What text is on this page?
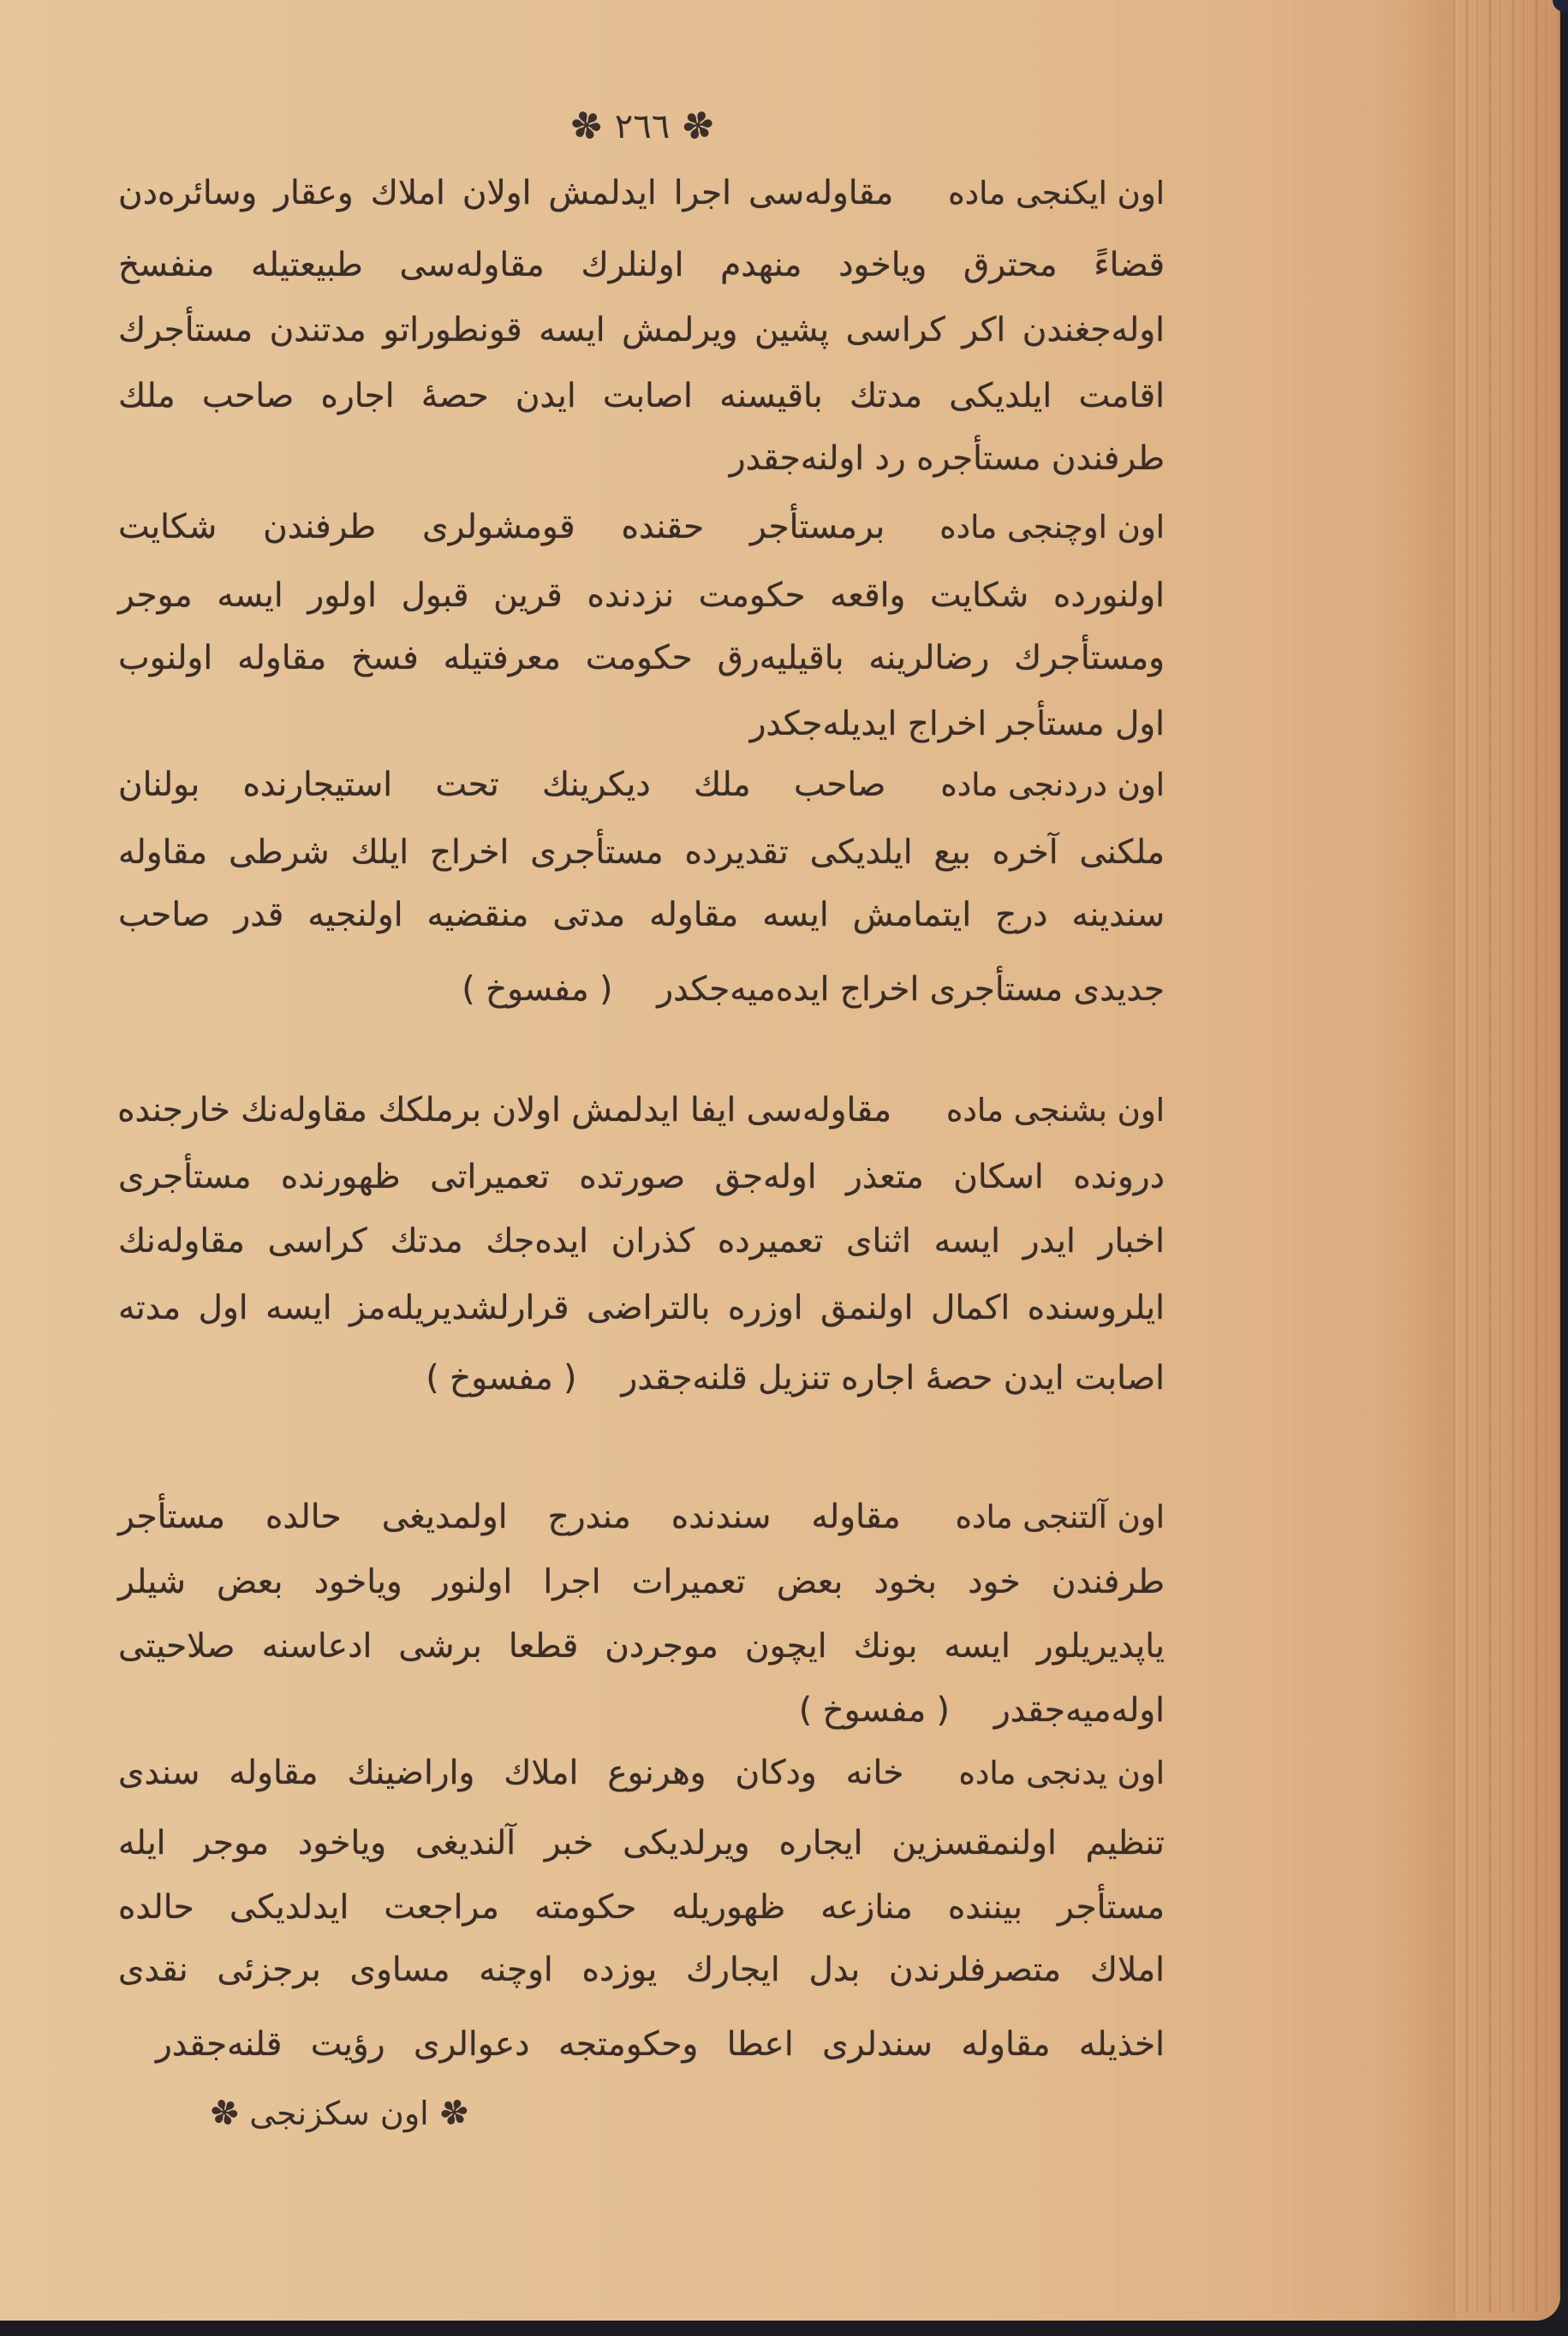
✽
٢٦٦
✽
اون ایكنجی مادهمقاوله‌سی اجرا ایدلمش اولان املاك وعقار وسائره‌دن
قضاءً محترق ویاخود منهدم اولنلرك مقاوله‌سی طبیعتیله منفسخ
اوله‌جغندن اكر كراسی پشین ویرلمش ایسه قونطوراتو مدتندن مستأجرك
اقامت ایلدیكی مدتك باقیسنه اصابت ایدن حصهٔ اجاره صاحب ملك
طرفندن مستأجره رد اولنه‌جقدر
اون اوچنجی مادهبرمستأجر حقنده قومشولری طرفندن شكایت
اولنورده شكایت واقعه حكومت نزدنده قرین قبول اولور ایسه موجر
ومستأجرك رضالرینه باقیلیه‌رق حكومت معرفتیله فسخ مقاوله اولنوب
اول مستأجر اخراج ایدیله‌جكدر
اون دردنجی مادهصاحب ملك دیكرینك تحت استیجارنده بولنان
ملكنی آخره بیع ایلدیكی تقدیرده مستأجری اخراج ایلك شرطی مقاوله
سندینه درج ایتمامش ایسه مقاوله مدتی منقضیه اولنجیه قدر صاحب
جدیدی مستأجری اخراج ایده‌میه‌جكدر( مفسوخ )
اون بشنجی مادهمقاوله‌سی ایفا ایدلمش اولان برملكك مقاوله‌نك خارجنده
درونده اسكان متعذر اوله‌جق صورتده تعمیراتی ظهورنده مستأجری
اخبار ایدر ایسه اثنای تعمیرده كذران ایده‌جك مدتك كراسی مقاوله‌نك
ایلروسنده اكمال اولنمق اوزره بالتراضی قرارلشدیریله‌مز ایسه اول مدته
اصابت ایدن حصهٔ اجاره تنزیل قلنه‌جقدر( مفسوخ )
اون آلتنجی مادهمقاوله سندنده مندرج اولمدیغی حالده مستأجر
طرفندن خود بخود بعض تعمیرات اجرا اولنور ویاخود بعض شیلر
یاپدیریلور ایسه بونك ایچون موجردن قطعا برشی ادعاسنه صلاحیتی
اوله‌میه‌جقدر( مفسوخ )
اون یدنجی مادهخانه ودكان وهرنوع املاك واراضینك مقاوله سندی
تنظیم اولنمقسزین ایجاره ویرلدیكی خبر آلندیغی ویاخود موجر ایله
مستأجر بیننده منازعه ظهوریله حكومته مراجعت ایدلدیكی حالده
املاك متصرفلرندن بدل ایجارك یوزده اوچنه مساوی برجزئی نقدی
اخذیله مقاوله سندلری اعطا وحكومتجه دعوالری رؤیت قلنه‌جقدر
✽
اون سكزنجی
✽
